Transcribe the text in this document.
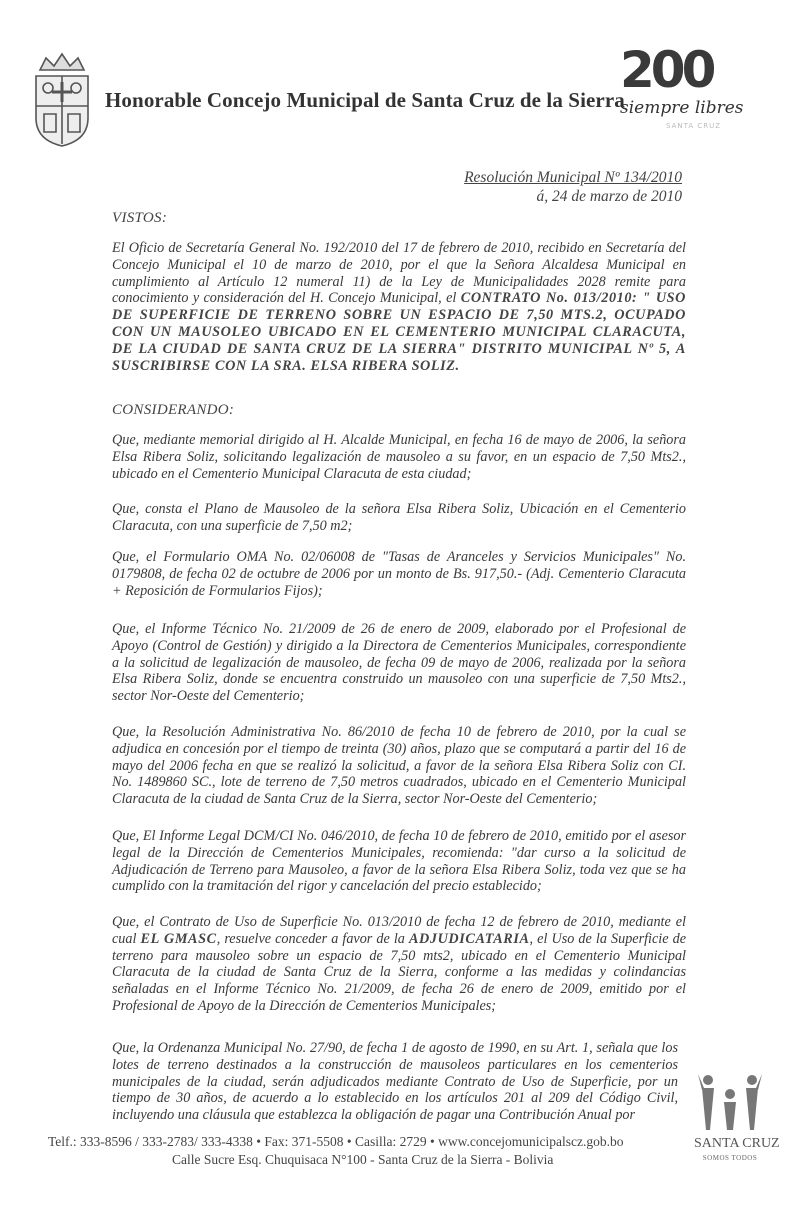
Honorable Concejo Municipal de Santa Cruz de la Sierra
200
siempre libres
SANTA CRUZ
Resolución Municipal Nº 134/2010
á, 24 de marzo de 2010
VISTOS:

El Oficio de Secretaría General No. 192/2010 del 17 de febrero de 2010, recibido en Secretaría del Concejo Municipal el 10 de marzo de 2010, por el que la Señora Alcaldesa Municipal en cumplimiento al Artículo 12 numeral 11) de la Ley de Municipalidades 2028 remite para conocimiento y consideración del H. Concejo Municipal, el CONTRATO No. 013/2010: " USO DE SUPERFICIE DE TERRENO SOBRE UN ESPACIO DE 7,50 MTS.2, OCUPADO CON UN MAUSOLEO UBICADO EN EL CEMENTERIO MUNICIPAL CLARACUTA, DE LA CIUDAD DE SANTA CRUZ DE LA SIERRA" DISTRITO MUNICIPAL Nº 5, A SUSCRIBIRSE CON LA SRA. ELSA RIBERA SOLIZ.

CONSIDERANDO:

Que, mediante memorial dirigido al H. Alcalde Municipal, en fecha 16 de mayo de 2006, la señora Elsa Ribera Soliz, solicitando legalización de mausoleo a su favor, en un espacio de 7,50 Mts2., ubicado en el Cementerio Municipal Claracuta de esta ciudad;

Que, consta el Plano de Mausoleo de la señora Elsa Ribera Soliz, Ubicación en el Cementerio Claracuta, con una superficie de 7,50 m2;

Que, el Formulario OMA No. 02/06008 de "Tasas de Aranceles y Servicios Municipales" No. 0179808, de fecha 02 de octubre de 2006 por un monto de Bs. 917,50.- (Adj. Cementerio Claracuta + Reposición de Formularios Fijos);

Que, el Informe Técnico No. 21/2009 de 26 de enero de 2009, elaborado por el Profesional de Apoyo (Control de Gestión) y dirigido a la Directora de Cementerios Municipales, correspondiente a la solicitud de legalización de mausoleo, de fecha 09 de mayo de 2006, realizada por la señora Elsa Ribera Soliz, donde se encuentra construido un mausoleo con una superficie de 7,50 Mts2., sector Nor-Oeste del Cementerio;

Que, la Resolución Administrativa No. 86/2010 de fecha 10 de febrero de 2010, por la cual se adjudica en concesión por el tiempo de treinta (30) años, plazo que se computará a partir del 16 de mayo del 2006 fecha en que se realizó la solicitud, a favor de la señora Elsa Ribera Soliz con CI. No. 1489860 SC., lote de terreno de 7,50 metros cuadrados, ubicado en el Cementerio Municipal Claracuta de la ciudad de Santa Cruz de la Sierra, sector Nor-Oeste del Cementerio;

Que, El Informe Legal DCM/CI No. 046/2010, de fecha 10 de febrero de 2010, emitido por el asesor legal de la Dirección de Cementerios Municipales, recomienda: "dar curso a la solicitud de Adjudicación de Terreno para Mausoleo, a favor de la señora Elsa Ribera Soliz, toda vez que se ha cumplido con la tramitación del rigor y cancelación del precio establecido;

Que, el Contrato de Uso de Superficie No. 013/2010 de fecha 12 de febrero de 2010, mediante el cual EL GMASC, resuelve conceder a favor de la ADJUDICATARIA, el Uso de la Superficie de terreno para mausoleo sobre un espacio de 7,50 mts2, ubicado en el Cementerio Municipal Claracuta de la ciudad de Santa Cruz de la Sierra, conforme a las medidas y colindancias señaladas en el Informe Técnico No. 21/2009, de fecha 26 de enero de 2009, emitido por el Profesional de Apoyo de la Dirección de Cementerios Municipales;

Que, la Ordenanza Municipal No. 27/90, de fecha 1 de agosto de 1990, en su Art. 1, señala que los lotes de terreno destinados a la construcción de mausoleos particulares en los cementerios municipales de la ciudad, serán adjudicados mediante Contrato de Uso de Superficie, por un tiempo de 30 años, de acuerdo a lo establecido en los artículos 201 al 209 del Código Civil, incluyendo una cláusula que establezca la obligación de pagar una Contribución Anual por

Telf.: 333-8596 / 333-2783/ 333-4338 • Fax: 371-5508 • Casilla: 2729 • www.concejomunicipalscz.gob.bo
Calle Sucre Esq. Chuquisaca N°100 - Santa Cruz de la Sierra - Bolivia
SANTA CRUZ
SOMOS TODOS
